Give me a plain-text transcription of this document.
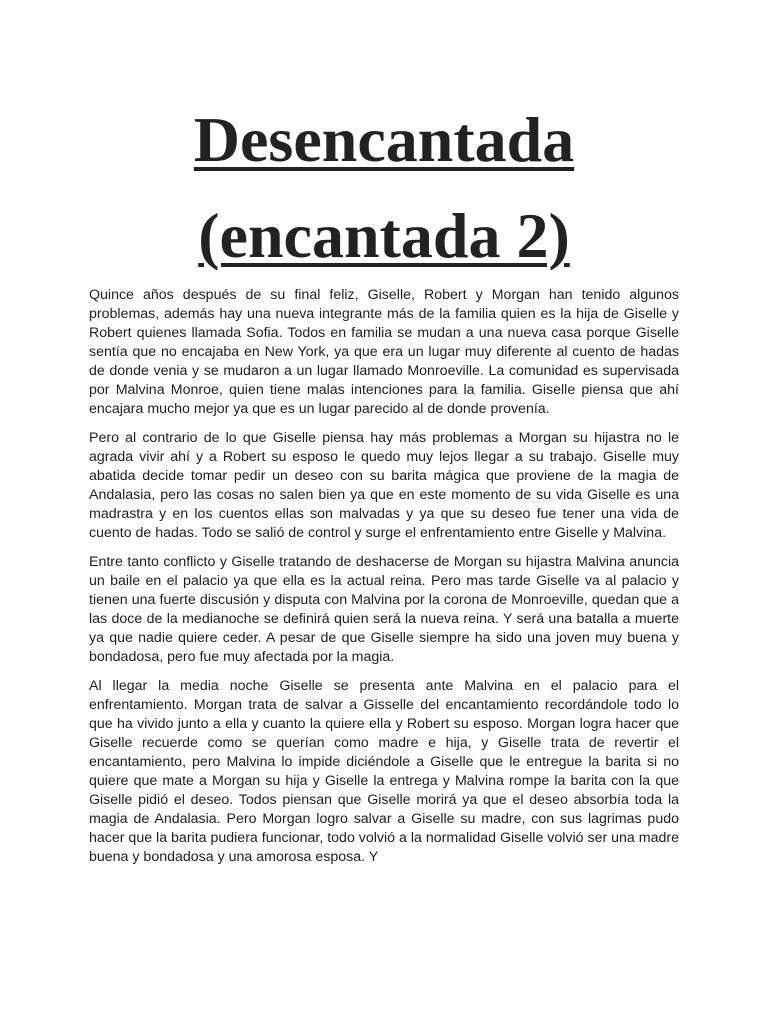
Desencantada
(encantada 2)

Quince años después de su final feliz, Giselle, Robert y Morgan han tenido algunos problemas, además hay una nueva integrante más de la familia quien es la hija de Giselle y Robert quienes llamada Sofia. Todos en familia se mudan a una nueva casa porque Giselle sentía que no encajaba en New York, ya que era un lugar muy diferente al cuento de hadas de donde venia y se mudaron a un lugar llamado Monroeville. La comunidad es supervisada por Malvina Monroe, quien tiene malas intenciones para la familia. Giselle piensa que ahí encajara mucho mejor ya que es un lugar parecido al de donde provenía.

Pero al contrario de lo que Giselle piensa hay más problemas a Morgan su hijastra no le agrada vivir ahí y a Robert su esposo le quedo muy lejos llegar a su trabajo. Giselle muy abatida decide tomar pedir un deseo con su barita mágica que proviene de la magia de Andalasia, pero las cosas no salen bien ya que en este momento de su vida Giselle es una madrastra y en los cuentos ellas son malvadas y ya que su deseo fue tener una vida de cuento de hadas. Todo se salió de control y surge el enfrentamiento entre Giselle y Malvina.

Entre tanto conflicto y Giselle tratando de deshacerse de Morgan su hijastra Malvina anuncia un baile en el palacio ya que ella es la actual reina. Pero mas tarde Giselle va al palacio y tienen una fuerte discusión y disputa con Malvina por la corona de Monroeville, quedan que a las doce de la medianoche se definirá quien será la nueva reina. Y será una batalla a muerte ya que nadie quiere ceder. A pesar de que Giselle siempre ha sido una joven muy buena y bondadosa, pero fue muy afectada por la magia.

Al llegar la media noche Giselle se presenta ante Malvina en el palacio para el enfrentamiento. Morgan trata de salvar a Gisselle del encantamiento recordándole todo lo que ha vivido junto a ella y cuanto la quiere ella y Robert su esposo. Morgan logra hacer que Giselle recuerde como se querían como madre e hija, y Giselle trata de revertir el encantamiento, pero Malvina lo impide diciéndole a Giselle que le entregue la barita si no quiere que mate a Morgan su hija y Giselle la entrega y Malvina rompe la barita con la que Giselle pidió el deseo. Todos piensan que Giselle morirá ya que el deseo absorbía toda la magia de Andalasia. Pero Morgan logro salvar a Giselle su madre, con sus lagrimas pudo hacer que la barita pudiera funcionar, todo volvió a la normalidad Giselle volvió ser una madre buena y bondadosa y una amorosa esposa. Y
